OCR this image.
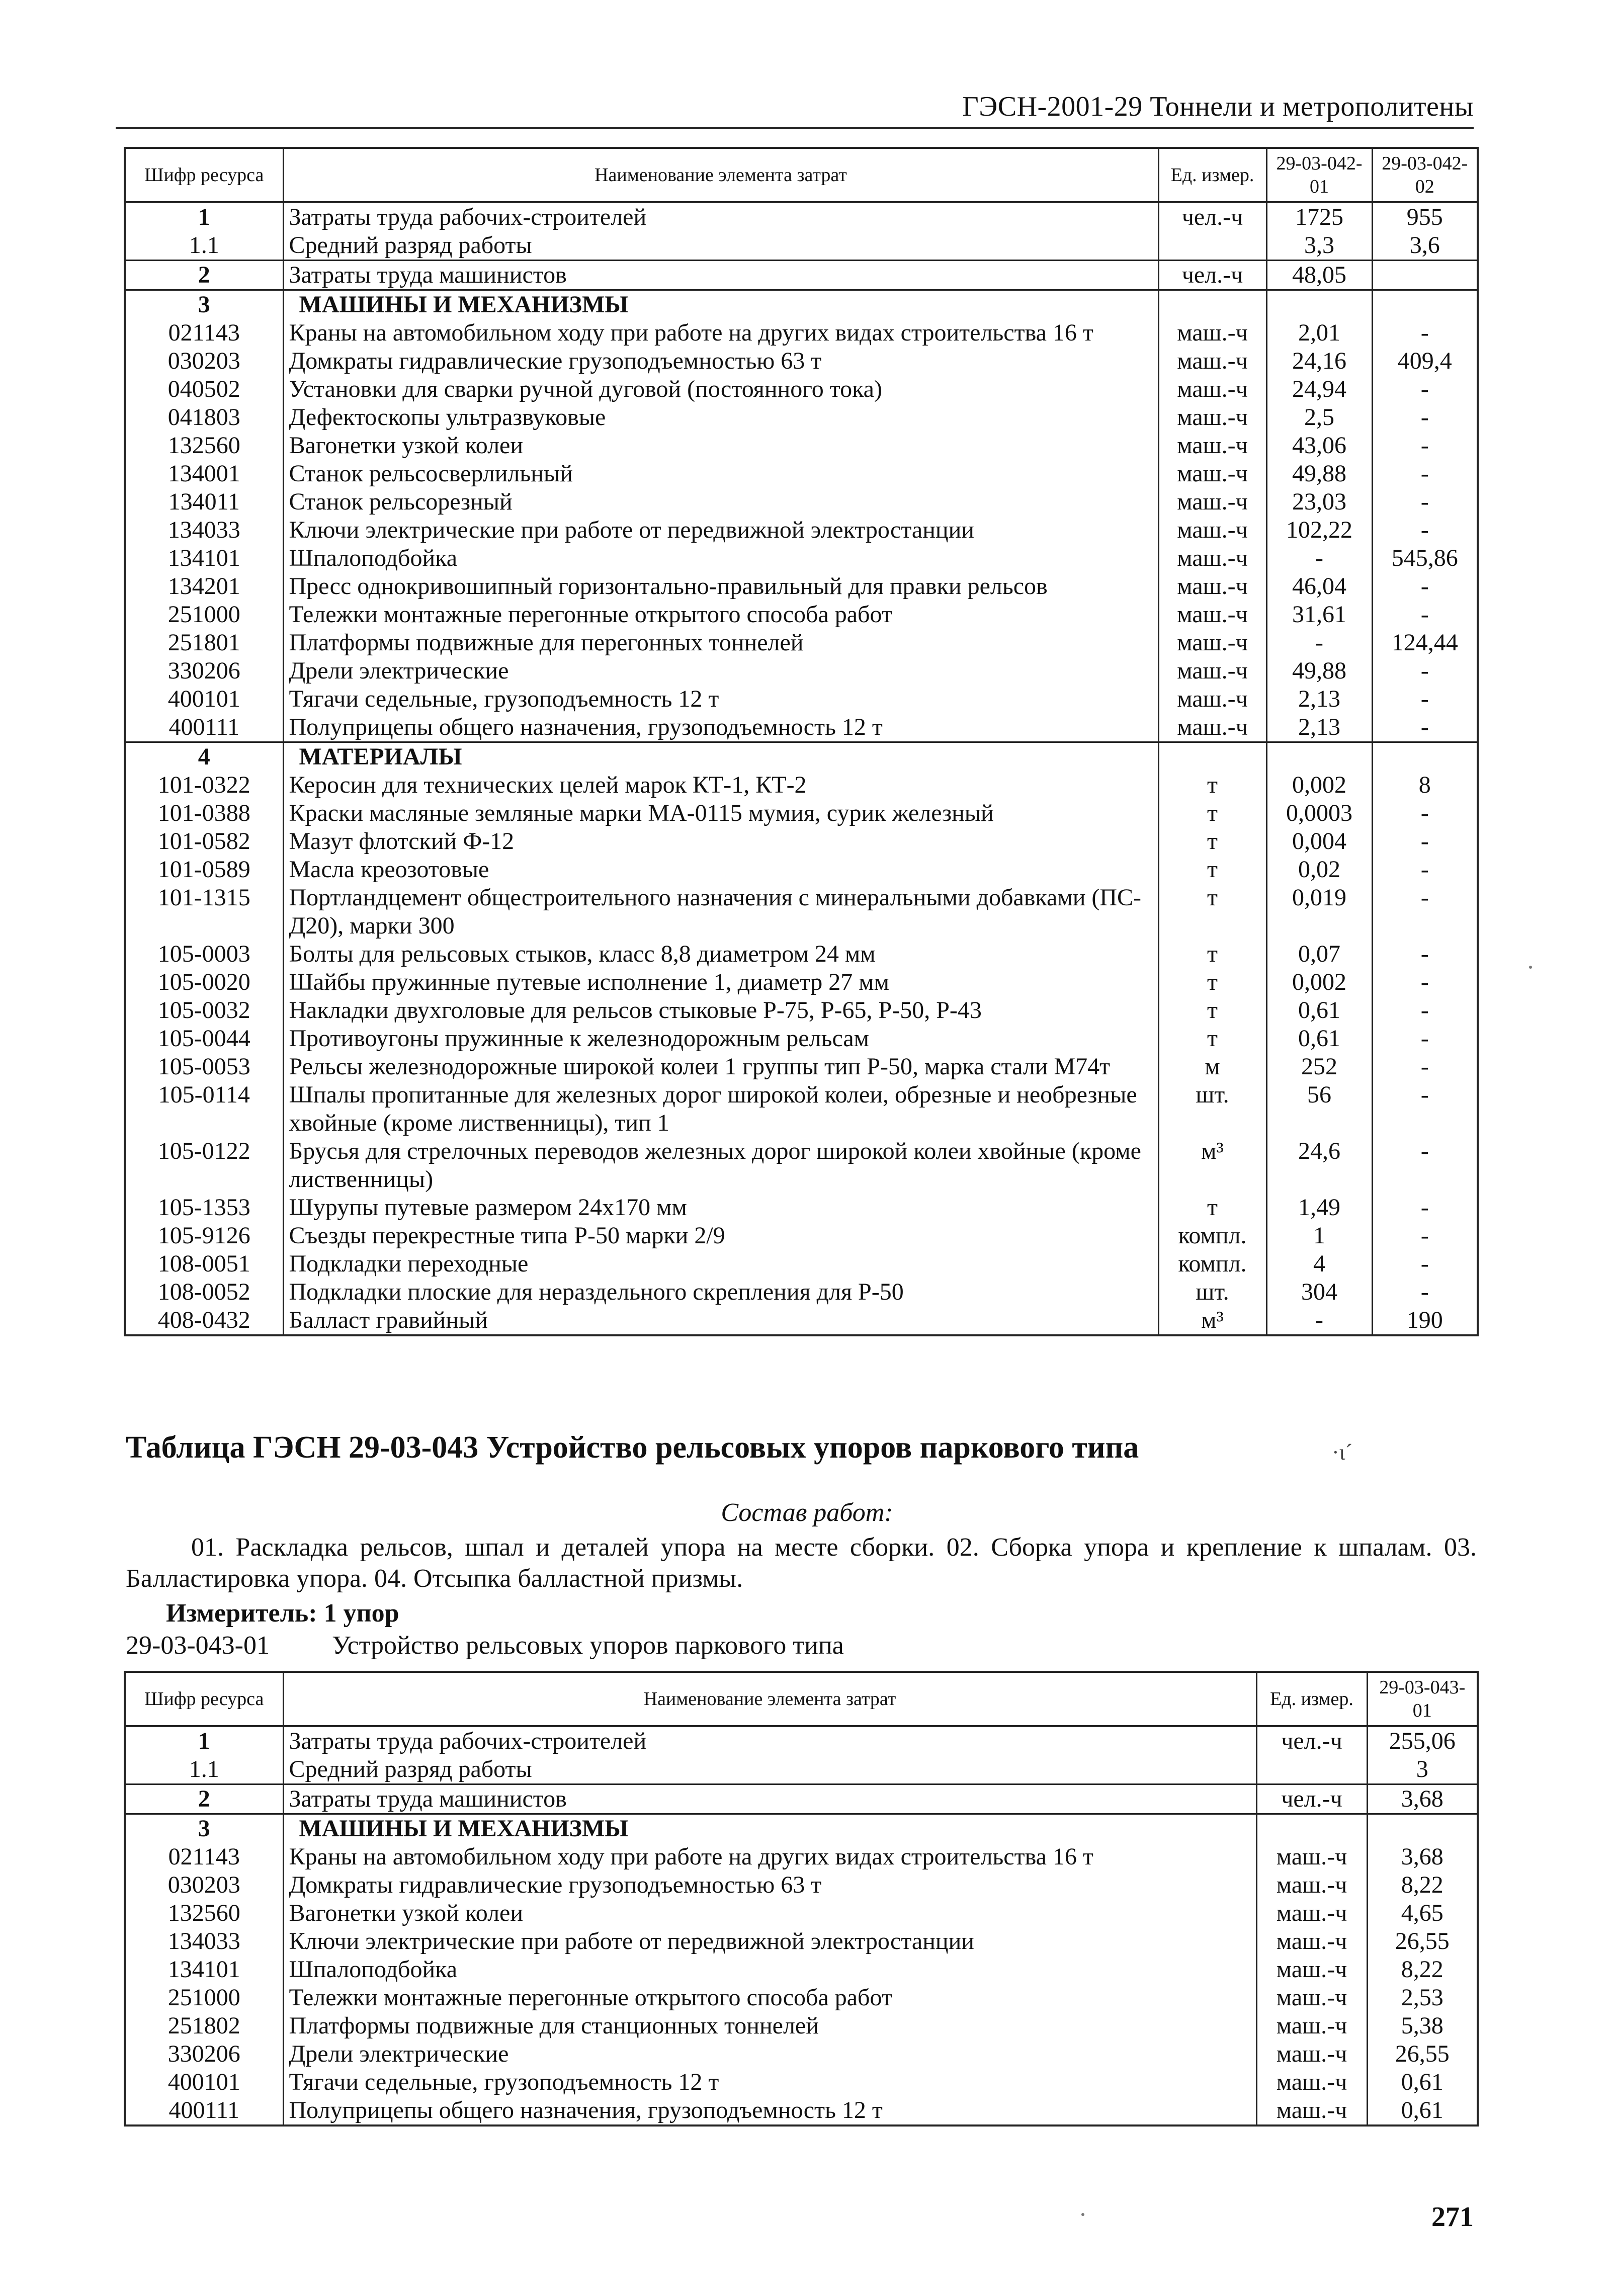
ГЭСН-2001-29 Тоннели и метрополитены
Шифр ресурса	Наименование элемента затрат	Ед. измер.	29-03-042-01	29-03-042-02
1	Затраты труда рабочих-строителей	чел.-ч	1725	955
1.1	Средний разряд работы		3,3	3,6
2	Затраты труда машинистов	чел.-ч	48,05	
3	МАШИНЫ И МЕХАНИЗМЫ			
021143	Краны на автомобильном ходу при работе на других видах строительства 16 т	маш.-ч	2,01	-
030203	Домкраты гидравлические грузоподъемностью 63 т	маш.-ч	24,16	409,4
040502	Установки для сварки ручной дуговой (постоянного тока)	маш.-ч	24,94	-
041803	Дефектоскопы ультразвуковые	маш.-ч	2,5	-
132560	Вагонетки узкой колеи	маш.-ч	43,06	-
134001	Станок рельсосверлильный	маш.-ч	49,88	-
134011	Станок рельсорезный	маш.-ч	23,03	-
134033	Ключи электрические при работе от передвижной электростанции	маш.-ч	102,22	-
134101	Шпалоподбойка	маш.-ч	-	545,86
134201	Пресс однокривошипный горизонтально-правильный для правки рельсов	маш.-ч	46,04	-
251000	Тележки монтажные перегонные открытого способа работ	маш.-ч	31,61	-
251801	Платформы подвижные для перегонных тоннелей	маш.-ч	-	124,44
330206	Дрели электрические	маш.-ч	49,88	-
400101	Тягачи седельные, грузоподъемность 12 т	маш.-ч	2,13	-
400111	Полуприцепы общего назначения, грузоподъемность 12 т	маш.-ч	2,13	-
4	МАТЕРИАЛЫ			
101-0322	Керосин для технических целей марок КТ-1, КТ-2	т	0,002	8
101-0388	Краски масляные земляные марки МА-0115 мумия, сурик железный	т	0,0003	-
101-0582	Мазут флотский Ф-12	т	0,004	-
101-0589	Масла креозотовые	т	0,02	-
101-1315	Портландцемент общестроительного назначения с минеральными добавками (ПС-Д20), марки 300	т	0,019	-
105-0003	Болты для рельсовых стыков, класс 8,8 диаметром 24 мм	т	0,07	-
105-0020	Шайбы пружинные путевые исполнение 1, диаметр 27 мм	т	0,002	-
105-0032	Накладки двухголовые для рельсов стыковые Р-75, Р-65, Р-50, Р-43	т	0,61	-
105-0044	Противоугоны пружинные к железнодорожным рельсам	т	0,61	-
105-0053	Рельсы железнодорожные широкой колеи 1 группы тип Р-50, марка стали М74т	м	252	-
105-0114	Шпалы пропитанные для железных дорог широкой колеи, обрезные и необрезные хвойные (кроме лиственницы), тип 1	шт.	56	-
105-0122	Брусья для стрелочных переводов железных дорог широкой колеи хвойные (кроме лиственницы)	м³	24,6	-
105-1353	Шурупы путевые размером 24x170 мм	т	1,49	-
105-9126	Съезды перекрестные типа Р-50 марки 2/9	компл.	1	-
108-0051	Подкладки переходные	компл.	4	-
108-0052	Подкладки плоские для нераздельного скрепления для Р-50	шт.	304	-
408-0432	Балласт гравийный	м³	-	190
Таблица ГЭСН 29-03-043 Устройство рельсовых упоров паркового типа	·ɩ´
Состав работ:
01. Раскладка рельсов, шпал и деталей упора на месте сборки. 02. Сборка упора и крепление к шпалам. 03. Балластировка упора. 04. Отсыпка балластной призмы.
Измеритель: 1 упор
29-03-043-01 Устройство рельсовых упоров паркового типа
Шифр ресурса	Наименование элемента затрат	Ед. измер.	29-03-043-01
1	Затраты труда рабочих-строителей	чел.-ч	255,06
1.1	Средний разряд работы		3
2	Затраты труда машинистов	чел.-ч	3,68
3	МАШИНЫ И МЕХАНИЗМЫ		
021143	Краны на автомобильном ходу при работе на других видах строительства 16 т	маш.-ч	3,68
030203	Домкраты гидравлические грузоподъемностью 63 т	маш.-ч	8,22
132560	Вагонетки узкой колеи	маш.-ч	4,65
134033	Ключи электрические при работе от передвижной электростанции	маш.-ч	26,55
134101	Шпалоподбойка	маш.-ч	8,22
251000	Тележки монтажные перегонные открытого способа работ	маш.-ч	2,53
251802	Платформы подвижные для станционных тоннелей	маш.-ч	5,38
330206	Дрели электрические	маш.-ч	26,55
400101	Тягачи седельные, грузоподъемность 12 т	маш.-ч	0,61
400111	Полуприцепы общего назначения, грузоподъемность 12 т	маш.-ч	0,61
271
